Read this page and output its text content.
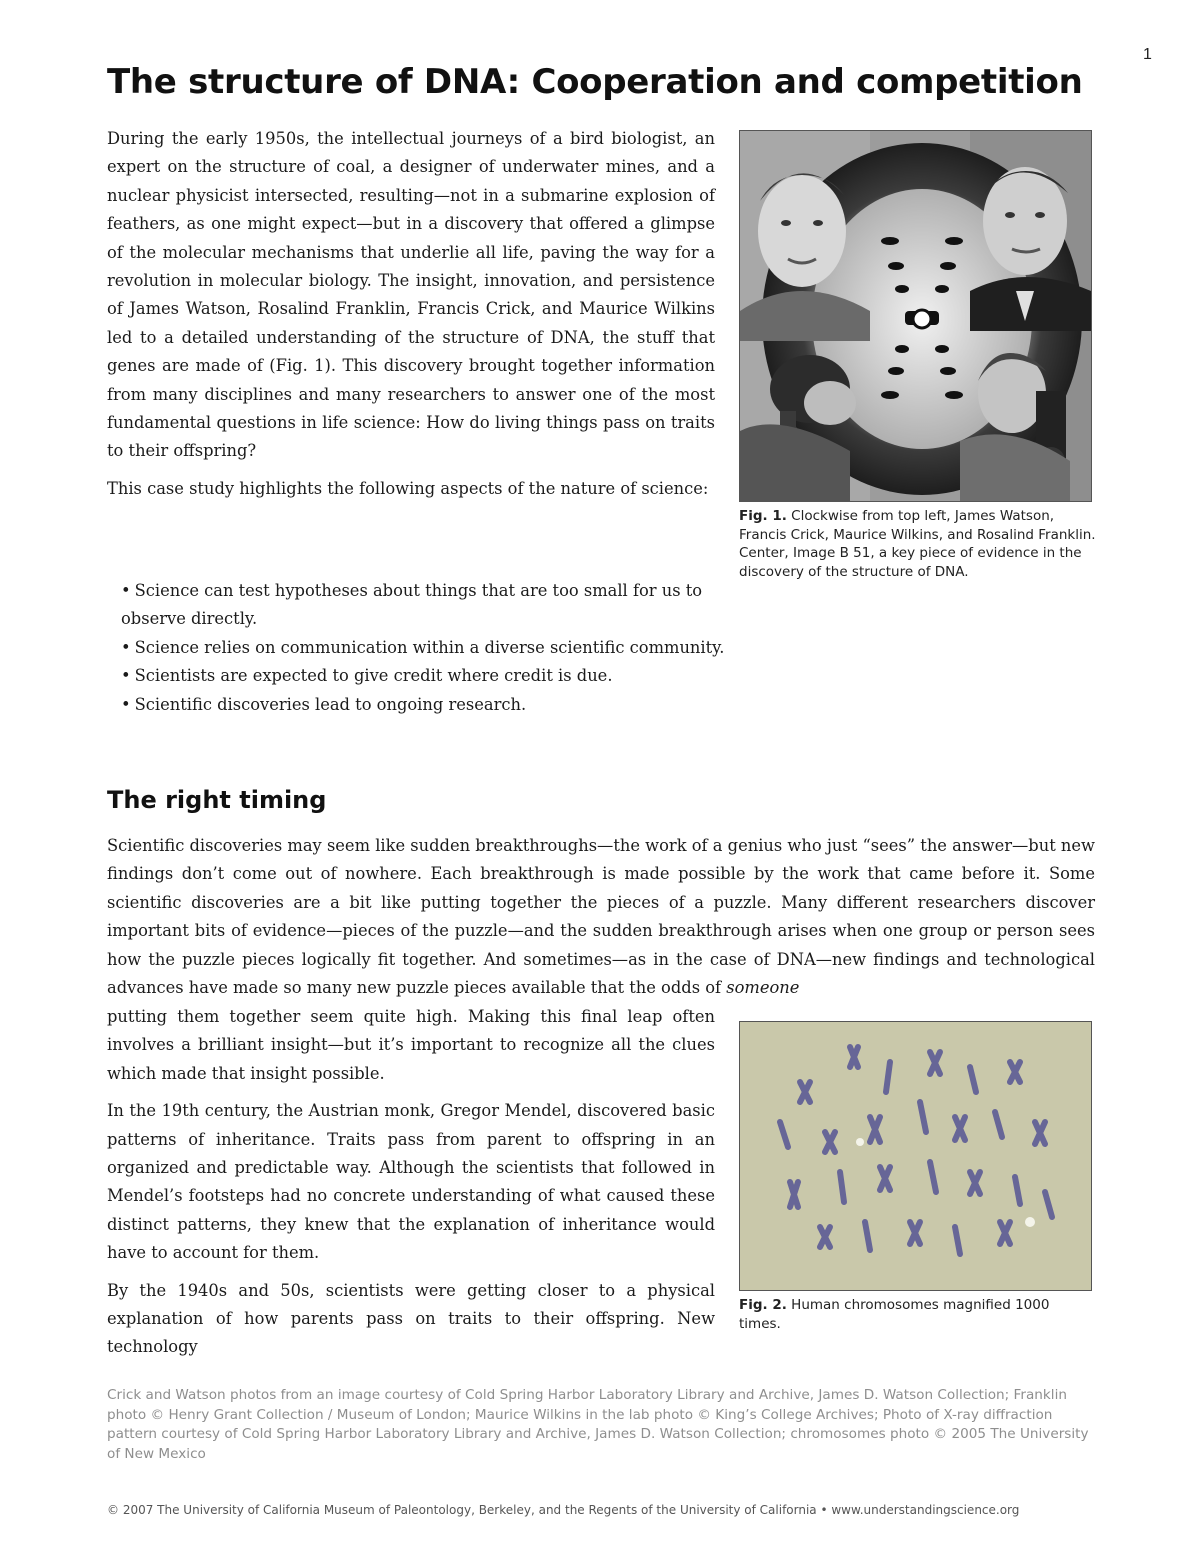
1
The structure of DNA: Cooperation and competition

During the early 1950s, the intellectual journeys of a bird biologist, an expert on the structure of coal, a designer of underwater mines, and a nuclear physicist intersected, resulting—not in a submarine explosion of feathers, as one might expect—but in a discovery that offered a glimpse of the molecular mechanisms that underlie all life, paving the way for a revolution in molecular biology. The insight, innovation, and persistence of James Watson, Rosalind Franklin, Francis Crick, and Maurice Wilkins led to a detailed understanding of the structure of DNA, the stuff that genes are made of (Fig. 1). This discovery brought together information from many disciplines and many researchers to answer one of the most fundamental questions in life science: How do living things pass on traits to their offspring?

This case study highlights the following aspects of the nature of science:

• Science can test hypotheses about things that are too small for us to observe directly.
• Science relies on communication within a diverse scientific community.
• Scientists are expected to give credit where credit is due.
• Scientific discoveries lead to ongoing research.
Fig. 1. Clockwise from top left, James Watson, Francis Crick, Maurice Wilkins, and Rosalind Franklin. Center, Image B 51, a key piece of evidence in the discovery of the structure of DNA.
The right timing
Scientific discoveries may seem like sudden breakthroughs—the work of a genius who just “sees” the answer—but new findings don’t come out of nowhere. Each breakthrough is made possible by the work that came before it. Some scientific discoveries are a bit like putting together the pieces of a puzzle. Many different researchers discover important bits of evidence—pieces of the puzzle—and the sudden breakthrough arises when one group or person sees how the puzzle pieces logically fit together. And sometimes—as in the case of DNA—new findings and technological advances have made so many new puzzle pieces available that the odds of someone

putting them together seem quite high. Making this final leap often involves a brilliant insight—but it’s important to recognize all the clues which made that insight possible.

In the 19th century, the Austrian monk, Gregor Mendel, discovered basic patterns of inheritance. Traits pass from parent to offspring in an organized and predictable way. Although the scientists that followed in Mendel’s footsteps had no concrete understanding of what caused these distinct patterns, they knew that the explanation of inheritance would have to account for them.

By the 1940s and 50s, scientists were getting closer to a physical explanation of how parents pass on traits to their offspring. New technology

Fig. 2. Human chromosomes magnified 1000 times.
Crick and Watson photos from an image courtesy of Cold Spring Harbor Laboratory Library and Archive, James D. Watson Collection; Franklin photo © Henry Grant Collection / Museum of London; Maurice Wilkins in the lab photo © King’s College Archives; Photo of X-ray diffraction pattern courtesy of Cold Spring Harbor Laboratory Library and Archive, James D. Watson Collection; chromosomes photo © 2005 The University of New Mexico
© 2007 The University of California Museum of Paleontology, Berkeley, and the Regents of the University of California • www.understandingscience.org
